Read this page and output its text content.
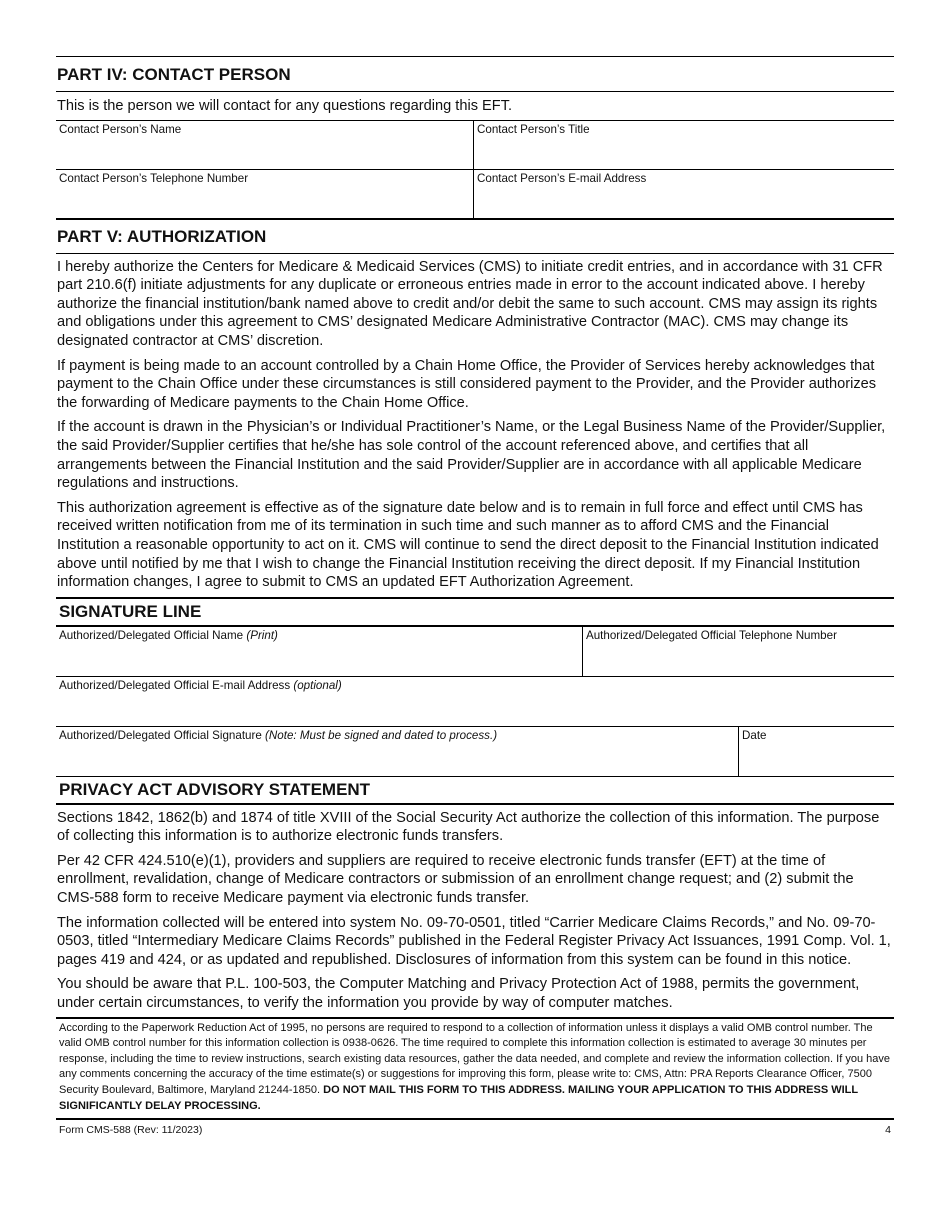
PART IV: CONTACT PERSON
This is the person we will contact for any questions regarding this EFT.
Contact Person’s Name	Contact Person’s Title
Contact Person’s Telephone Number	Contact Person’s E-mail Address
PART V: AUTHORIZATION

I hereby authorize the Centers for Medicare & Medicaid Services (CMS) to initiate credit entries, and in accordance with 31 CFR part 210.6(f) initiate adjustments for any duplicate or erroneous entries made in error to the account indicated above. I hereby authorize the financial institution/bank named above to credit and/or debit the same to such account. CMS may assign its rights and obligations under this agreement to CMS’ designated Medicare Administrative Contractor (MAC). CMS may change its designated contractor at CMS’ discretion.

If payment is being made to an account controlled by a Chain Home Office, the Provider of Services hereby acknowledges that payment to the Chain Office under these circumstances is still considered payment to the Provider, and the Provider authorizes the forwarding of Medicare payments to the Chain Home Office.

If the account is drawn in the Physician’s or Individual Practitioner’s Name, or the Legal Business Name of the Provider/Supplier, the said Provider/Supplier certifies that he/she has sole control of the account referenced above, and certifies that all arrangements between the Financial Institution and the said Provider/Supplier are in accordance with all applicable Medicare regulations and instructions.

This authorization agreement is effective as of the signature date below and is to remain in full force and effect until CMS has received written notification from me of its termination in such time and such manner as to afford CMS and the Financial Institution a reasonable opportunity to act on it. CMS will continue to send the direct deposit to the Financial Institution indicated above until notified by me that I wish to change the Financial Institution receiving the direct deposit. If my Financial Institution information changes, I agree to submit to CMS an updated EFT Authorization Agreement.

SIGNATURE LINE
Authorized/Delegated Official Name (Print)	Authorized/Delegated Official Telephone Number
Authorized/Delegated Official E-mail Address (optional)
Authorized/Delegated Official Signature (Note: Must be signed and dated to process.)	Date
PRIVACY ACT ADVISORY STATEMENT

Sections 1842, 1862(b) and 1874 of title XVIII of the Social Security Act authorize the collection of this information. The purpose of collecting this information is to authorize electronic funds transfers.

Per 42 CFR 424.510(e)(1), providers and suppliers are required to receive electronic funds transfer (EFT) at the time of enrollment, revalidation, change of Medicare contractors or submission of an enrollment change request; and (2) submit the CMS-588 form to receive Medicare payment via electronic funds transfer.

The information collected will be entered into system No. 09-70-0501, titled “Carrier Medicare Claims Records,” and No. 09-70-0503, titled “Intermediary Medicare Claims Records” published in the Federal Register Privacy Act Issuances, 1991 Comp. Vol. 1, pages 419 and 424, or as updated and republished. Disclosures of information from this system can be found in this notice.

You should be aware that P.L. 100-503, the Computer Matching and Privacy Protection Act of 1988, permits the government, under certain circumstances, to verify the information you provide by way of computer matches.

According to the Paperwork Reduction Act of 1995, no persons are required to respond to a collection of information unless it displays a valid OMB control number. The valid OMB control number for this information collection is 0938-0626. The time required to complete this information collection is estimated to average 30 minutes per response, including the time to review instructions, search existing data resources, gather the data needed, and complete and review the information collection. If you have any comments concerning the accuracy of the time estimate(s) or suggestions for improving this form, please write to: CMS, Attn: PRA Reports Clearance Officer, 7500 Security Boulevard, Baltimore, Maryland 21244-1850. DO NOT MAIL THIS FORM TO THIS ADDRESS. MAILING YOUR APPLICATION TO THIS ADDRESS WILL SIGNIFICANTLY DELAY PROCESSING.
Form CMS-588 (Rev: 11/2023)	4
